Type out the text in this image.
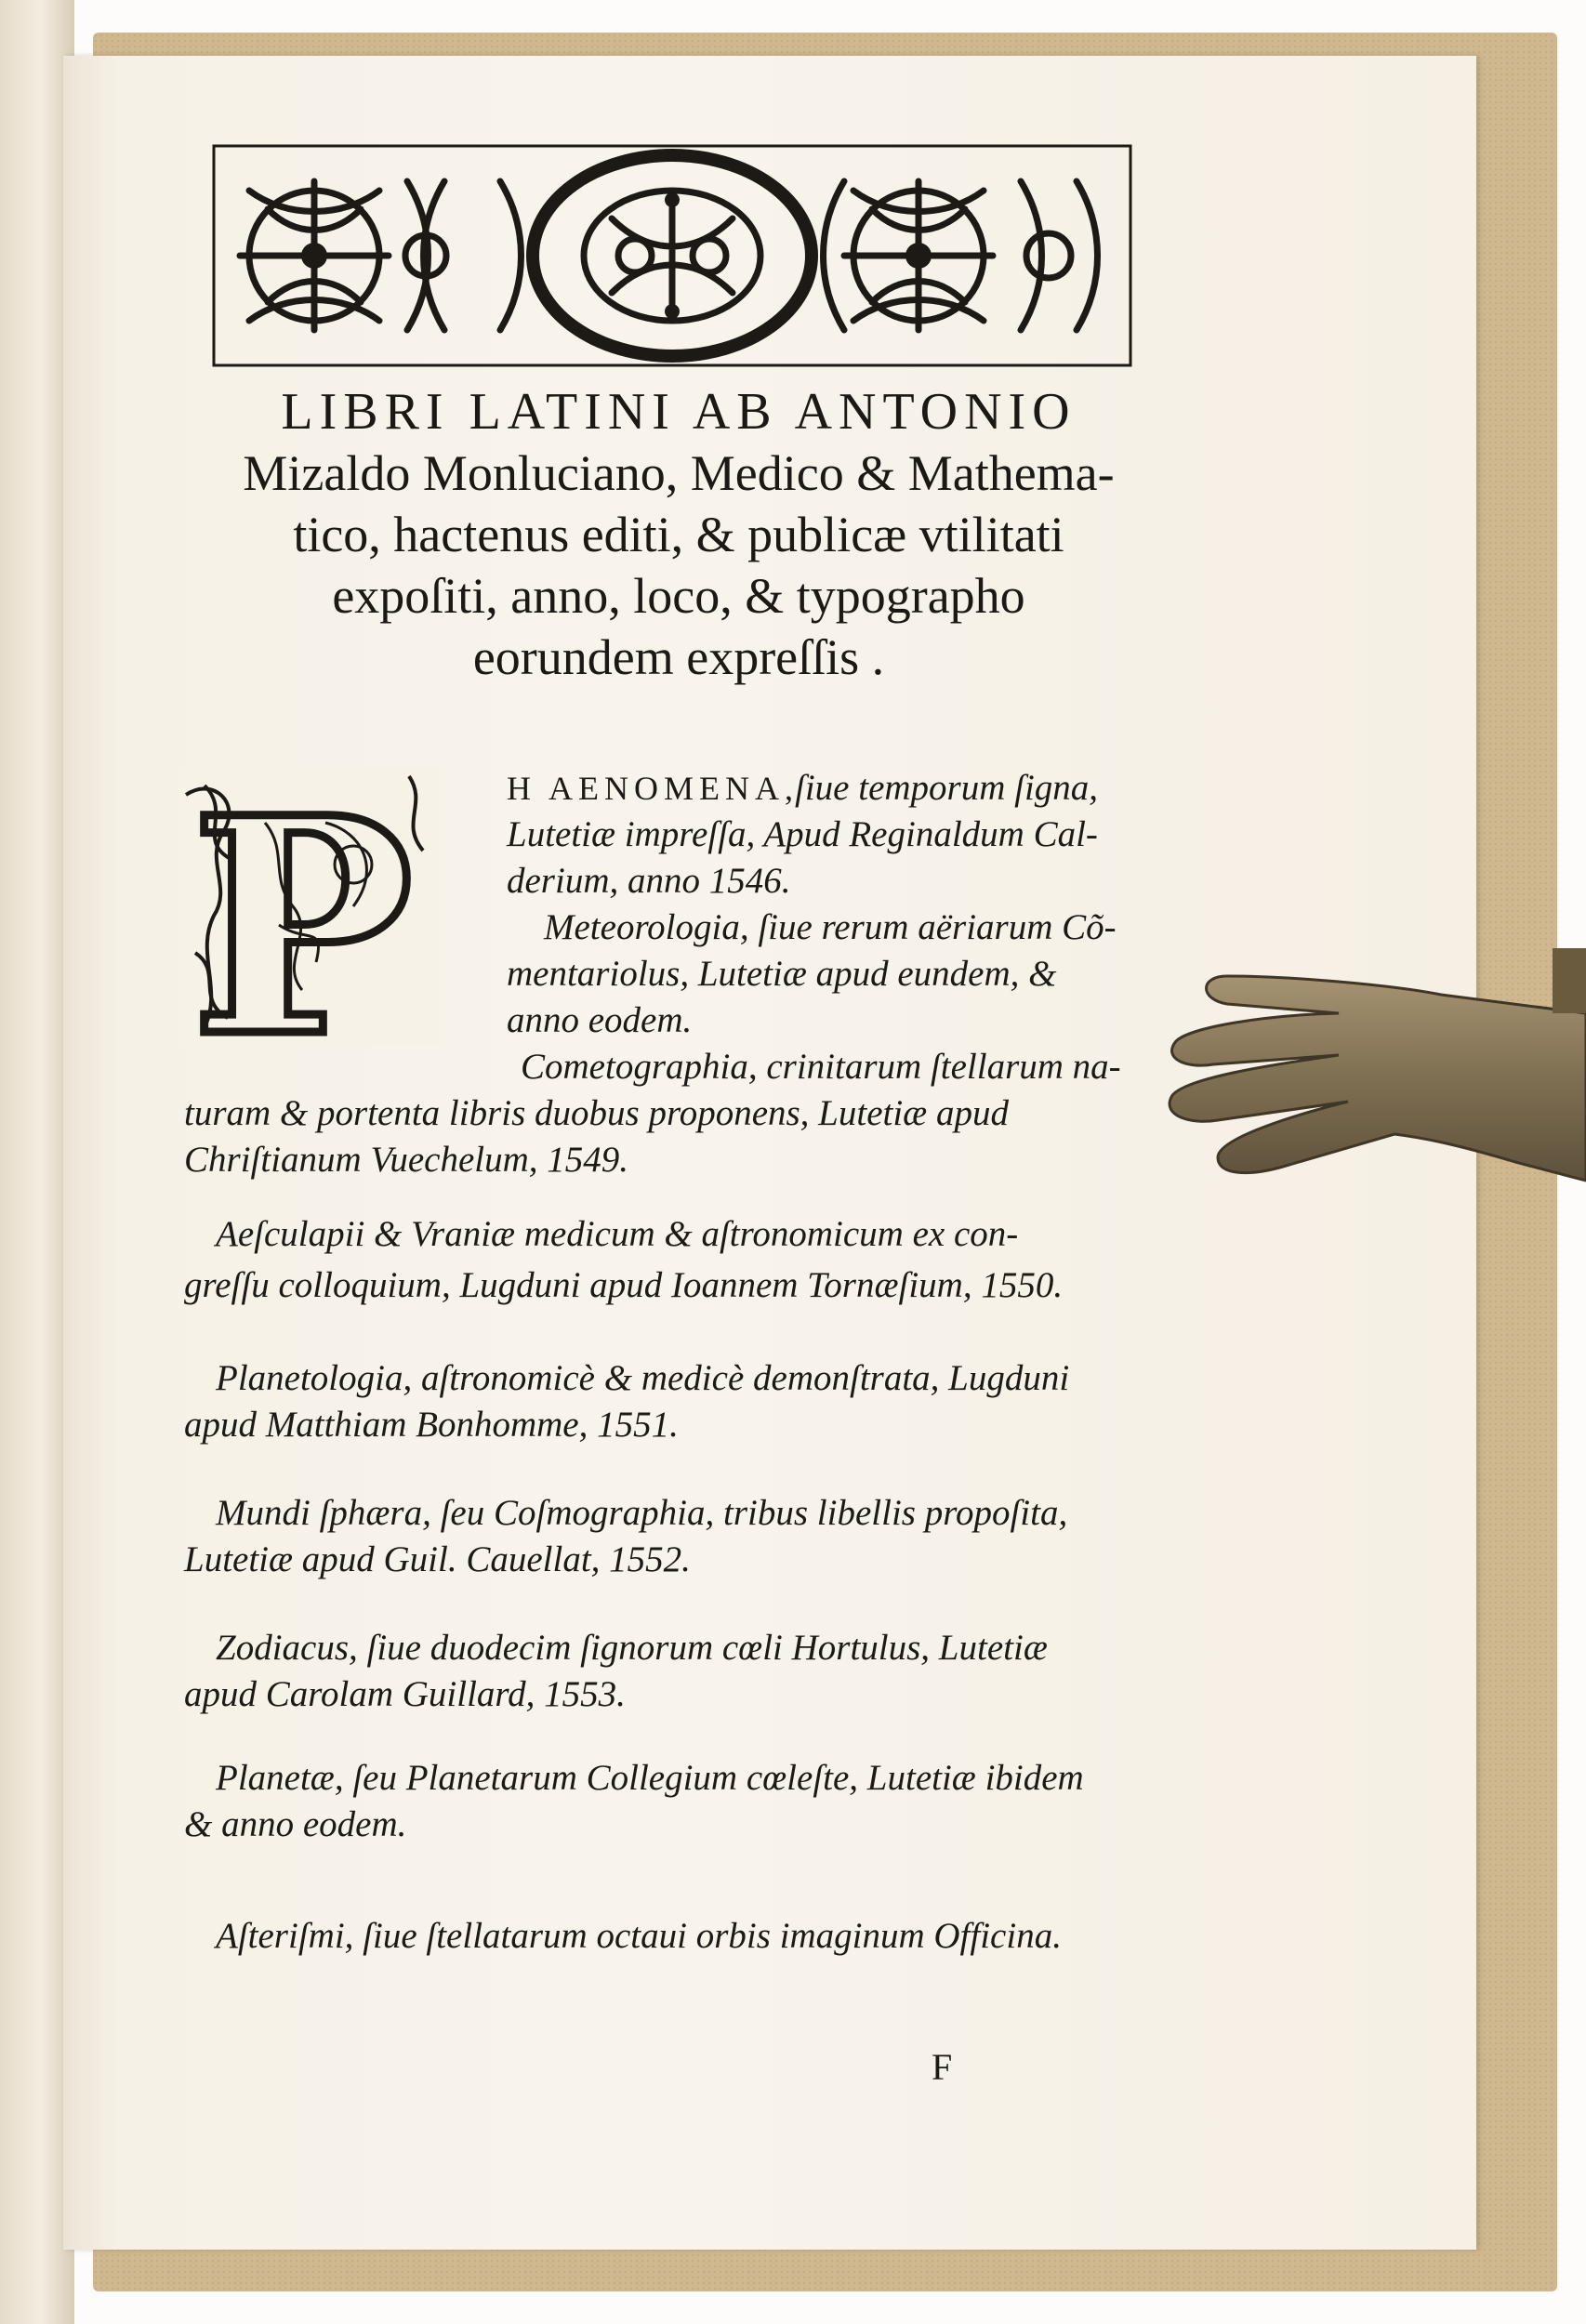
LIBRI LATINI AB ANTONIO
Mizaldo Monluciano, Medico & Mathema-
tico, hactenus editi, & publicæ vtilitati
expoſiti, anno, loco, & typographo
eorundem expreſſis .
P	H AENOMENA,
ſiue temporum ſigna,
Lutetiæ impreſſa, Apud Reginaldum Cal-
derium, anno 1546.
Meteorologia, ſiue rerum aëriarum Cõ-
mentariolus, Lutetiæ apud eundem, &
anno eodem.
Cometographia, crinitarum ſtellarum na-
turam & portenta libris duobus proponens, Lutetiæ apud
Chriſtianum Vuechelum, 1549.
Aeſculapii & Vraniæ medicum & aſtronomicum ex con-
greſſu colloquium, Lugduni apud Ioannem Tornæſium, 1550.
Planetologia, aſtronomicè & medicè demonſtrata, Lugduni
apud Matthiam Bonhomme, 1551.
Mundi ſphæra, ſeu Coſmographia, tribus libellis propoſita,
Lutetiæ apud Guil. Cauellat, 1552.
Zodiacus, ſiue duodecim ſignorum cœli Hortulus, Lutetiæ
apud Carolam Guillard, 1553.
Planetæ, ſeu Planetarum Collegium cœleſte, Lutetiæ ibidem
& anno eodem.
Aſteriſmi, ſiue ſtellatarum octaui orbis imaginum Officina.
F
